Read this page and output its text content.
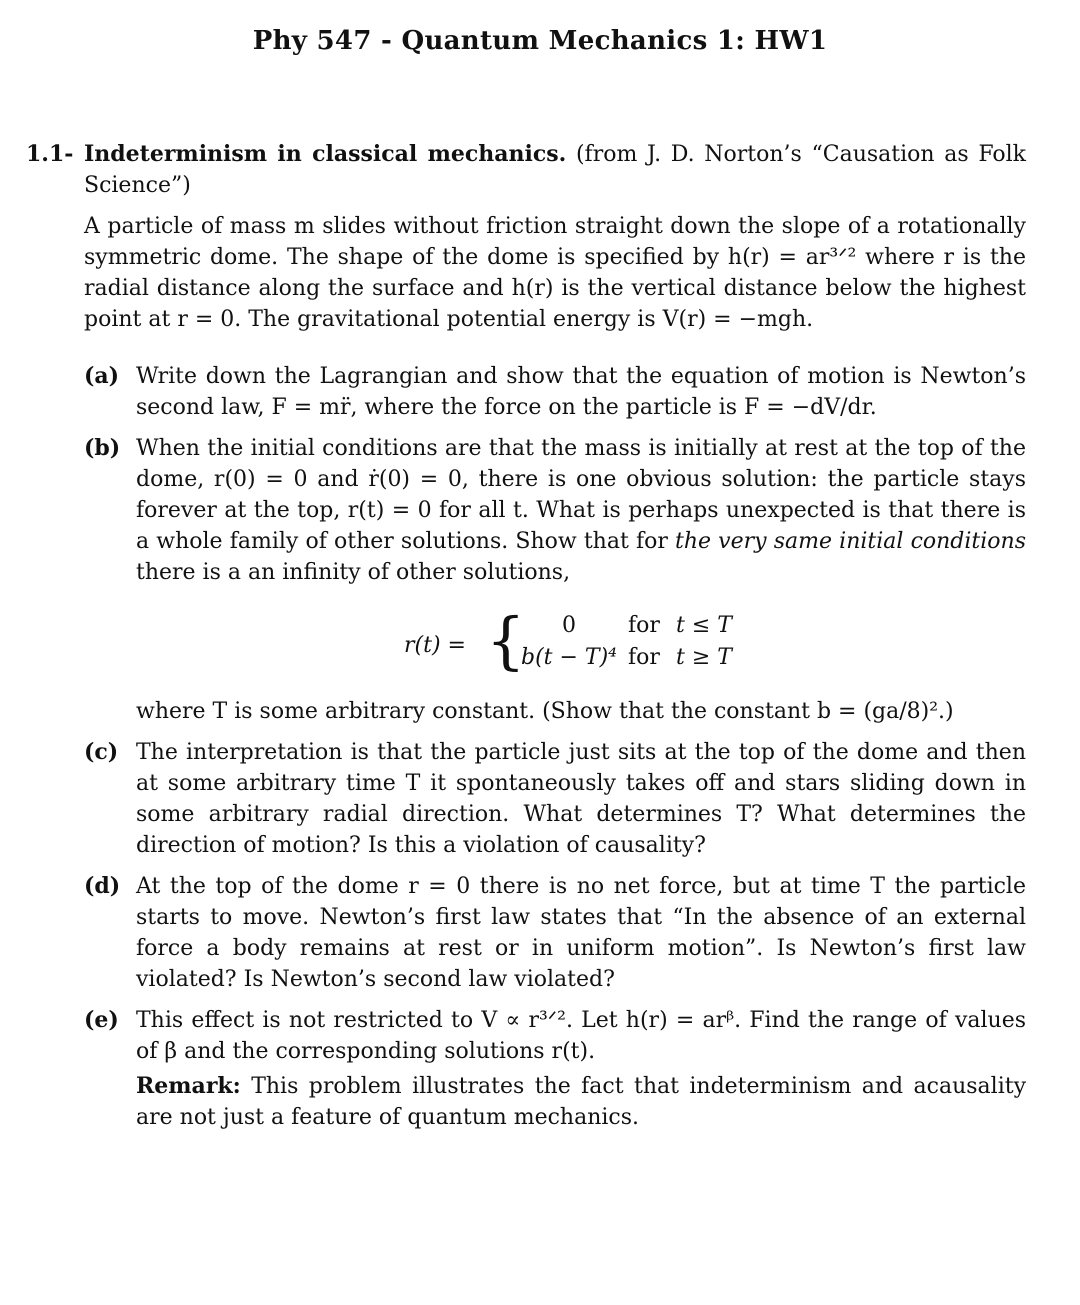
Phy 547 - Quantum Mechanics 1: HW1
1.1- Indeterminism in classical mechanics. (from J. D. Norton’s “Causation as Folk Science”)
A particle of mass m slides without friction straight down the slope of a rotationally symmetric dome. The shape of the dome is specified by h(r) = ar³ᐟ² where r is the radial distance along the surface and h(r) is the vertical distance below the highest point at r = 0. The gravitational potential energy is V(r) = −mgh.
(a) Write down the Lagrangian and show that the equation of motion is Newton’s second law, F = mr̈, where the force on the particle is F = −dV/dr.
(b) When the initial conditions are that the mass is initially at rest at the top of the dome, r(0) = 0 and ṙ(0) = 0, there is one obvious solution: the particle stays forever at the top, r(t) = 0 for all t. What is perhaps unexpected is that there is a whole family of other solutions. Show that for the very same initial conditions there is a an infinity of other solutions,
r(t) = {	0	for t ≤ T
b(t − T)⁴ for t ≥ T
where T is some arbitrary constant. (Show that the constant b = (ga/8)².)
(c) The interpretation is that the particle just sits at the top of the dome and then at some arbitrary time T it spontaneously takes off and stars sliding down in some arbitrary radial direction. What determines T? What determines the direction of motion? Is this a violation of causality?
(d) At the top of the dome r = 0 there is no net force, but at time T the particle starts to move. Newton’s first law states that “In the absence of an external force a body remains at rest or in uniform motion”. Is Newton’s first law violated? Is Newton’s second law violated?
(e) This effect is not restricted to V ∝ r³ᐟ². Let h(r) = arᵝ. Find the range of values of β and the corresponding solutions r(t).
Remark: This problem illustrates the fact that indeterminism and acausality are not just a feature of quantum mechanics.
